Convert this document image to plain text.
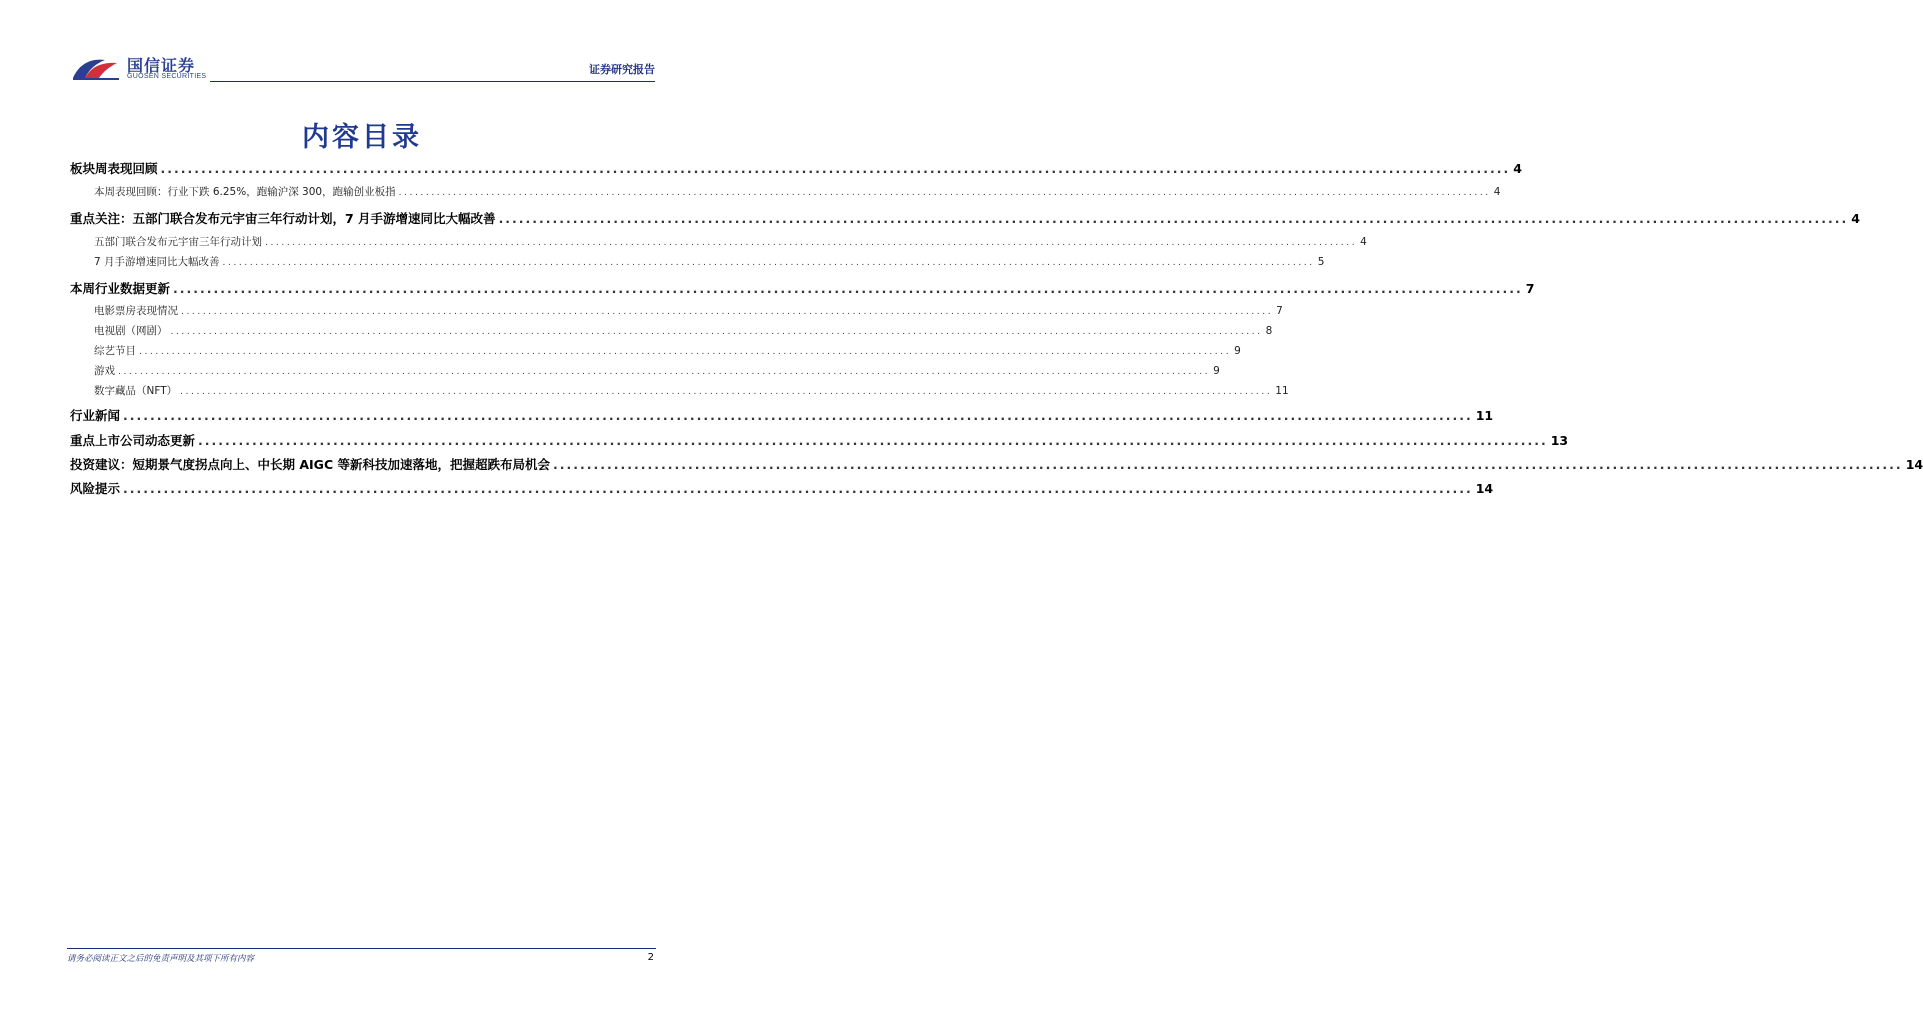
国信证券
GUOSEN SECURITIES
证券研究报告
内容目录
板块周表现回顾 ........................................................................................................................................................................................................ 4
本周表现回顾：行业下跌 6.25%，跑输沪深 300，跑输创业板指 ........................................................................................................................................................................................................ 4
重点关注：五部门联合发布元宇宙三年行动计划，7 月手游增速同比大幅改善 ........................................................................................................................................................................................................ 4
五部门联合发布元宇宙三年行动计划 ........................................................................................................................................................................................................ 4
7 月手游增速同比大幅改善 ........................................................................................................................................................................................................ 5
本周行业数据更新 ........................................................................................................................................................................................................ 7
电影票房表现情况 ........................................................................................................................................................................................................ 7
电视剧（网剧） ........................................................................................................................................................................................................ 8
综艺节目 ........................................................................................................................................................................................................ 9
游戏 ........................................................................................................................................................................................................ 9
数字藏品（NFT） ........................................................................................................................................................................................................ 11
行业新闻 ........................................................................................................................................................................................................ 11
重点上市公司动态更新 ........................................................................................................................................................................................................ 13
投资建议：短期景气度拐点向上、中长期 AIGC 等新科技加速落地，把握超跌布局机会 ........................................................................................................................................................................................................ 14
风险提示 ........................................................................................................................................................................................................ 14
请务必阅读正文之后的免责声明及其项下所有内容	2
